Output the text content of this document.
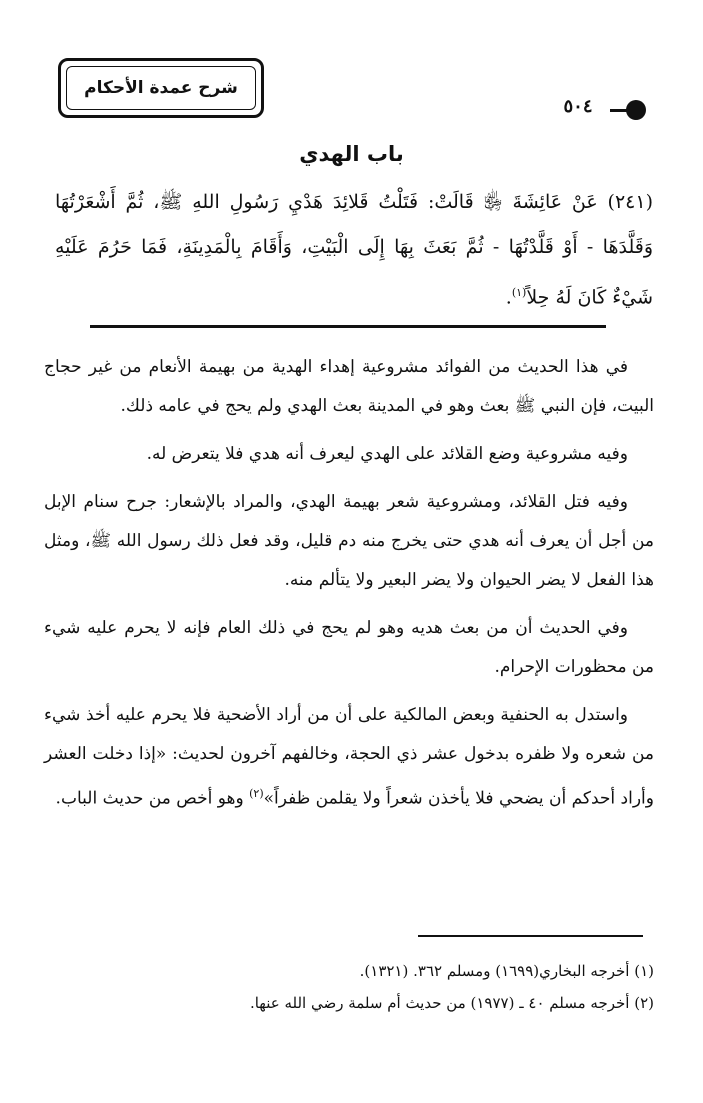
شرح عمدة الأحكام
٥٠٤
باب الهدي
(٢٤١) عَنْ عَائِشَةَ ﵂ قَالَتْ: فَتَلْتُ قَلائِدَ هَدْيِ رَسُولِ اللهِ ﷺ، ثُمَّ أَشْعَرْتُهَا وَقَلَّدَهَا - أَوْ قَلَّدْتُهَا - ثُمَّ بَعَثَ بِهَا إِلَى الْبَيْتِ، وَأَقَامَ بِالْمَدِينَةِ، فَمَا حَرُمَ عَلَيْهِ شَيْءٌ كَانَ لَهُ حِلاً$^{(١)}$.

في هذا الحديث من الفوائد مشروعية إهداء الهدية من بهيمة الأنعام من غير حجاج البيت، فإن النبي ﷺ بعث وهو في المدينة بعث الهدي ولم يحج في عامه ذلك.

وفيه مشروعية وضع القلائد على الهدي ليعرف أنه هدي فلا يتعرض له.

وفيه فتل القلائد، ومشروعية شعر بهيمة الهدي، والمراد بالإشعار: جرح سنام الإبل من أجل أن يعرف أنه هدي حتى يخرج منه دم قليل، وقد فعل ذلك رسول الله ﷺ، ومثل هذا الفعل لا يضر الحيوان ولا يضر البعير ولا يتألم منه.

وفي الحديث أن من بعث هديه وهو لم يحج في ذلك العام فإنه لا يحرم عليه شيء من محظورات الإحرام.

واستدل به الحنفية وبعض المالكية على أن من أراد الأضحية فلا يحرم عليه أخذ شيء من شعره ولا ظفره بدخول عشر ذي الحجة، وخالفهم آخرون لحديث: «إذا دخلت العشر وأراد أحدكم أن يضحي فلا يأخذن شعراً ولا يقلمن ظفراً»$^{(٢)}$ وهو أخص من حديث الباب.

(١) أخرجه البخاري(١٦٩٩) ومسلم ٣٦٢. (١٣٢١).
(٢) أخرجه مسلم ٤٠ ـ (١٩٧٧) من حديث أم سلمة رضي الله عنها.
